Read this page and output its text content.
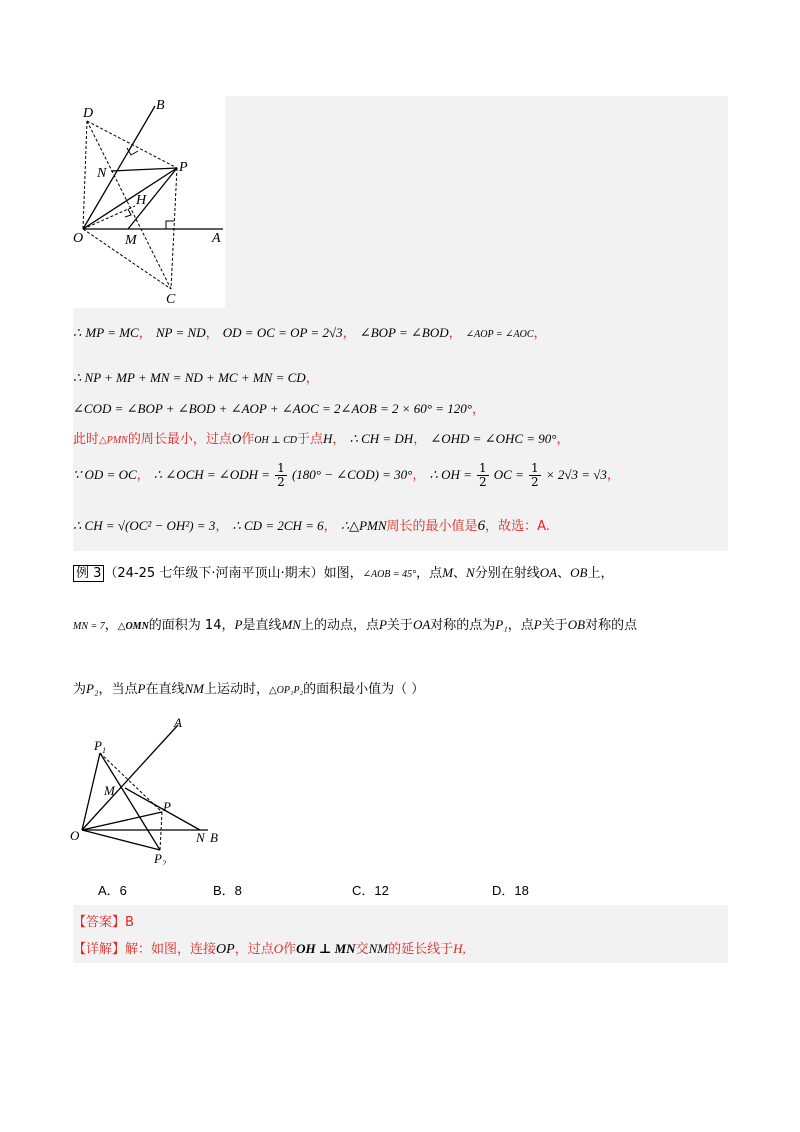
D
B
P
N
H
O	M	A
C
∴ MP = MC， NP = ND， OD = OC = OP = 2√3， ∠BOP = ∠BOD， ∠AOP = ∠AOC，
∴ NP + MP + MN = ND + MC + MN = CD，
∠COD = ∠BOP + ∠BOD + ∠AOP + ∠AOC = 2∠AOB = 2 × 60° = 120°，
此时△PMN的周长最小，过点O作OH ⊥ CD于点H， ∴ CH = DH， ∠OHD = ∠OHC = 90°，
∵ OD = OC， ∴ ∠OCH = ∠ODH = $\frac{1}{2} (180^\circ$ − ∠COD) = 30°， ∴ OH = $\frac{1}{2}$ OC = $\frac{1}{2} \times 2√3 = √3$，
∴ CH = √(OC² − OH²) = 3， ∴ CD = 2CH = 6， ∴△PMN周长的最小值是6，故选：A.
例 3 （24-25 七年级下·河南平顶山·期末）如图，∠AOB = 45°，点M、N分别在射线OA、OB上，
MN = 7，△OMN的面积为 14，P是直线MN上的动点，点P关于OA对称的点为P₁，点P关于OB对称的点
为P₂，当点P在直线NM上运动时，△OP₁P₂的面积最小值为（ ）
A
$P_1$
M
P
O	N B
$P_2$
A．6	B．8	C．12	D．18
【答案】B
【详解】解：如图，连接OP，过点O作OH ⊥ MN交NM的延长线于H,
